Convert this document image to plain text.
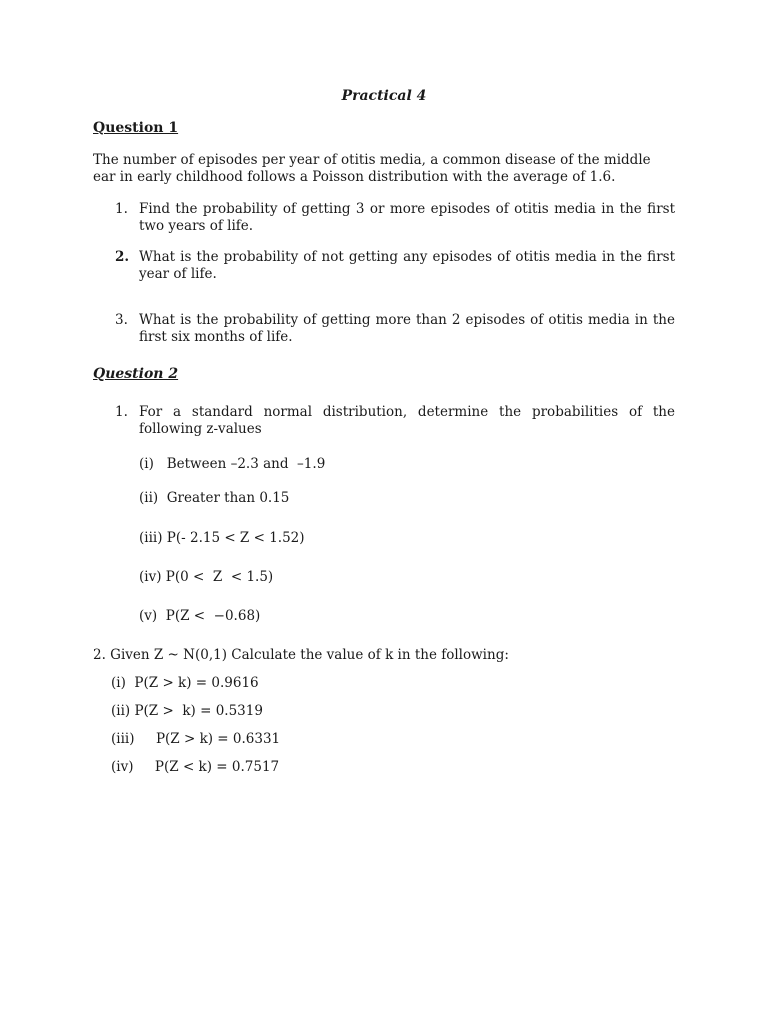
Practical 4
Question 1
The number of episodes per year of otitis media, a common disease of the middle ear in early childhood follows a Poisson distribution with the average of 1.6.
1. Find the probability of getting 3 or more episodes of otitis media in the first two years of life.
2. What is the probability of not getting any episodes of otitis media in the first year of life.
3. What is the probability of getting more than 2 episodes of otitis media in the first six months of life.
Question 2
1. For a standard normal distribution, determine the probabilities of the following z-values
(i)   Between –2.3 and  –1.9
(ii)  Greater than 0.15
(iii) P(- 2.15 < Z < 1.52)
(iv) P(0 <  Z  < 1.5)
(v)  P(Z <  −0.68)
2. Given Z ~ N(0,1) Calculate the value of k in the following:
(i)  P(Z > k) = 0.9616
(ii) P(Z >  k) = 0.5319
(iii)     P(Z > k) = 0.6331
(iv)     P(Z < k) = 0.7517
